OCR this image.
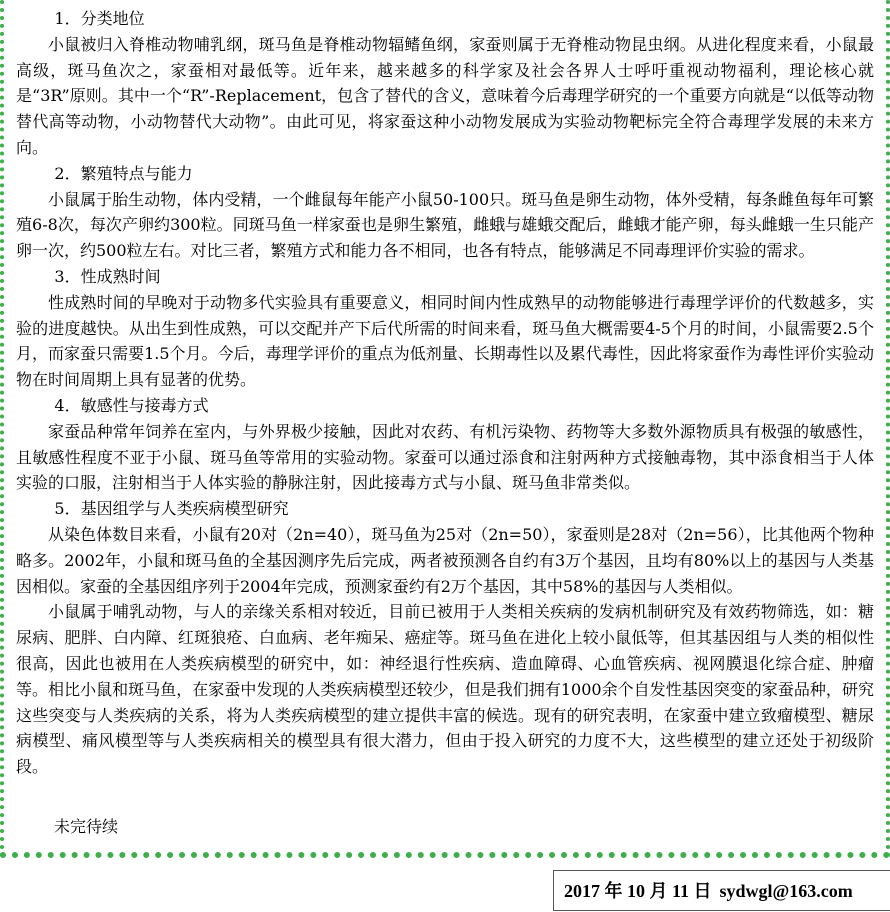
1．分类地位

小鼠被归入脊椎动物哺乳纲，斑马鱼是脊椎动物辐鳍鱼纲，家蚕则属于无脊椎动物昆虫纲。从进化程度来看，小鼠最高级，斑马鱼次之，家蚕相对最低等。近年来，越来越多的科学家及社会各界人士呼吁重视动物福利，理论核心就是“3R”原则。其中一个“R”-Replacement，包含了替代的含义，意味着今后毒理学研究的一个重要方向就是“以低等动物替代高等动物，小动物替代大动物”。由此可见，将家蚕这种小动物发展成为实验动物靶标完全符合毒理学发展的未来方向。

2．繁殖特点与能力

小鼠属于胎生动物，体内受精，一个雌鼠每年能产小鼠50-100只。斑马鱼是卵生动物，体外受精，每条雌鱼每年可繁殖6-8次，每次产卵约300粒。同斑马鱼一样家蚕也是卵生繁殖，雌蛾与雄蛾交配后，雌蛾才能产卵，每头雌蛾一生只能产卵一次，约500粒左右。对比三者，繁殖方式和能力各不相同，也各有特点，能够满足不同毒理评价实验的需求。

3．性成熟时间

性成熟时间的早晚对于动物多代实验具有重要意义，相同时间内性成熟早的动物能够进行毒理学评价的代数越多，实验的进度越快。从出生到性成熟，可以交配并产下后代所需的时间来看，斑马鱼大概需要4-5个月的时间，小鼠需要2.5个月，而家蚕只需要1.5个月。今后，毒理学评价的重点为低剂量、长期毒性以及累代毒性，因此将家蚕作为毒性评价实验动物在时间周期上具有显著的优势。

4．敏感性与接毒方式

家蚕品种常年饲养在室内，与外界极少接触，因此对农药、有机污染物、药物等大多数外源物质具有极强的敏感性，且敏感性程度不亚于小鼠、斑马鱼等常用的实验动物。家蚕可以通过添食和注射两种方式接触毒物，其中添食相当于人体实验的口服，注射相当于人体实验的静脉注射，因此接毒方式与小鼠、斑马鱼非常类似。

5．基因组学与人类疾病模型研究

从染色体数目来看，小鼠有20对（2n=40），斑马鱼为25对（2n=50），家蚕则是28对（2n=56），比其他两个物种略多。2002年，小鼠和斑马鱼的全基因测序先后完成，两者被预测各自约有3万个基因，且均有80%以上的基因与人类基因相似。家蚕的全基因组序列于2004年完成，预测家蚕约有2万个基因，其中58%的基因与人类相似。

小鼠属于哺乳动物，与人的亲缘关系相对较近，目前已被用于人类相关疾病的发病机制研究及有效药物筛选，如：糖尿病、肥胖、白内障、红斑狼疮、白血病、老年痴呆、癌症等。斑马鱼在进化上较小鼠低等，但其基因组与人类的相似性很高，因此也被用在人类疾病模型的研究中，如：神经退行性疾病、造血障碍、心血管疾病、视网膜退化综合症、肿瘤等。相比小鼠和斑马鱼，在家蚕中发现的人类疾病模型还较少，但是我们拥有1000余个自发性基因突变的家蚕品种，研究这些突变与人类疾病的关系，将为人类疾病模型的建立提供丰富的候选。现有的研究表明，在家蚕中建立致瘤模型、糖尿病模型、痛风模型等与人类疾病相关的模型具有很大潜力，但由于投入研究的力度不大，这些模型的建立还处于初级阶段。

未完待续
2017 年 10 月 11 日 sydwgl@163.com
